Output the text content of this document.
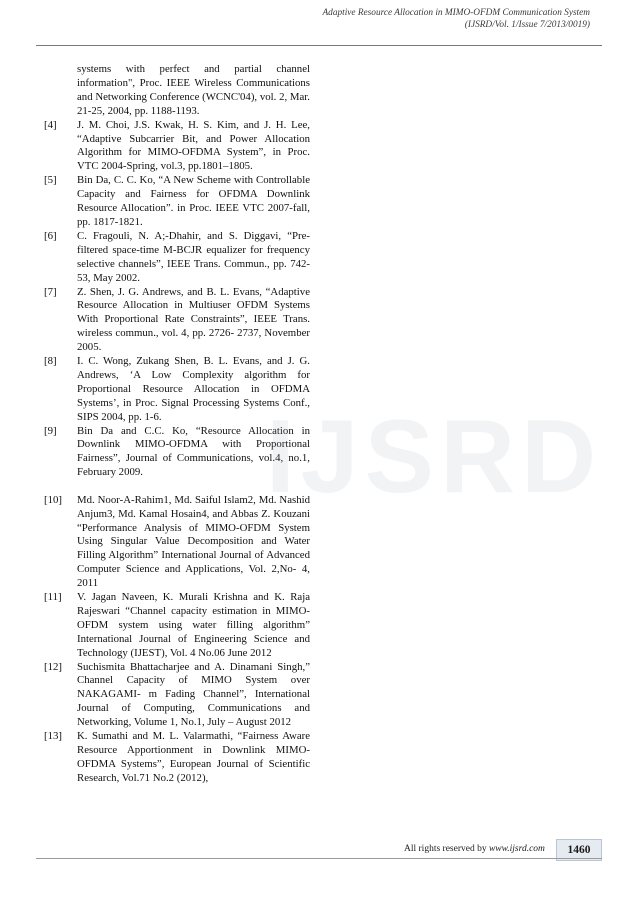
Adaptive Resource Allocation in MIMO-OFDM Communication System
(IJSRD/Vol. 1/Issue 7/2013/0019)
systems with perfect and partial channel information", Proc. IEEE Wireless Communications and Networking Conference (WCNC'04), vol. 2, Mar. 21-25, 2004, pp. 1188-1193.
[4] J. M. Choi, J.S. Kwak, H. S. Kim, and J. H. Lee, “Adaptive Subcarrier Bit, and Power Allocation Algorithm for MIMO-OFDMA System”, in Proc. VTC 2004-Spring, vol.3, pp.1801–1805.
[5] Bin Da, C. C. Ko, “A New Scheme with Controllable Capacity and Fairness for OFDMA Downlink Resource Allocation”. in Proc. IEEE VTC 2007-fall, pp. 1817-1821.
[6] C. Fragouli, N. A;-Dhahir, and S. Diggavi, “Pre-filtered space-time M-BCJR equalizer for frequency selective channels”, IEEE Trans. Commun., pp. 742-53, May 2002.
[7] Z. Shen, J. G. Andrews, and B. L. Evans, “Adaptive Resource Allocation in Multiuser OFDM Systems With Proportional Rate Constraints”, IEEE Trans. wireless commun., vol. 4, pp. 2726- 2737, November 2005.
[8] I. C. Wong, Zukang Shen, B. L. Evans, and J. G. Andrews, ‘A Low Complexity algorithm for Proportional Resource Allocation in OFDMA Systems’, in Proc. Signal Processing Systems Conf., SIPS 2004, pp. 1-6.
[9] Bin Da and C.C. Ko, “Resource Allocation in Downlink MIMO-OFDMA with Proportional Fairness”, Journal of Communications, vol.4, no.1, February 2009.
[10] Md. Noor-A-Rahim1, Md. Saiful Islam2, Md. Nashid Anjum3, Md. Kamal Hosain4, and Abbas Z. Kouzani “Performance Analysis of MIMO-OFDM System Using Singular Value Decomposition and Water Filling Algorithm” International Journal of Advanced Computer Science and Applications, Vol. 2,No- 4, 2011
[11] V. Jagan Naveen, K. Murali Krishna and K. Raja Rajeswari “Channel capacity estimation in MIMO-OFDM system using water filling algorithm” International Journal of Engineering Science and Technology (IJEST), Vol. 4 No.06 June 2012
[12] Suchismita Bhattacharjee and A. Dinamani Singh,” Channel Capacity of MIMO System over NAKAGAMI- m Fading Channel”, International Journal of Computing, Communications and Networking, Volume 1, No.1, July – August 2012
[13] K. Sumathi and M. L. Valarmathi, “Fairness Aware Resource Apportionment in Downlink MIMO-OFDMA Systems”, European Journal of Scientific Research, Vol.71 No.2 (2012),
IJSRD
All rights reserved by www.ijsrd.com	1460
